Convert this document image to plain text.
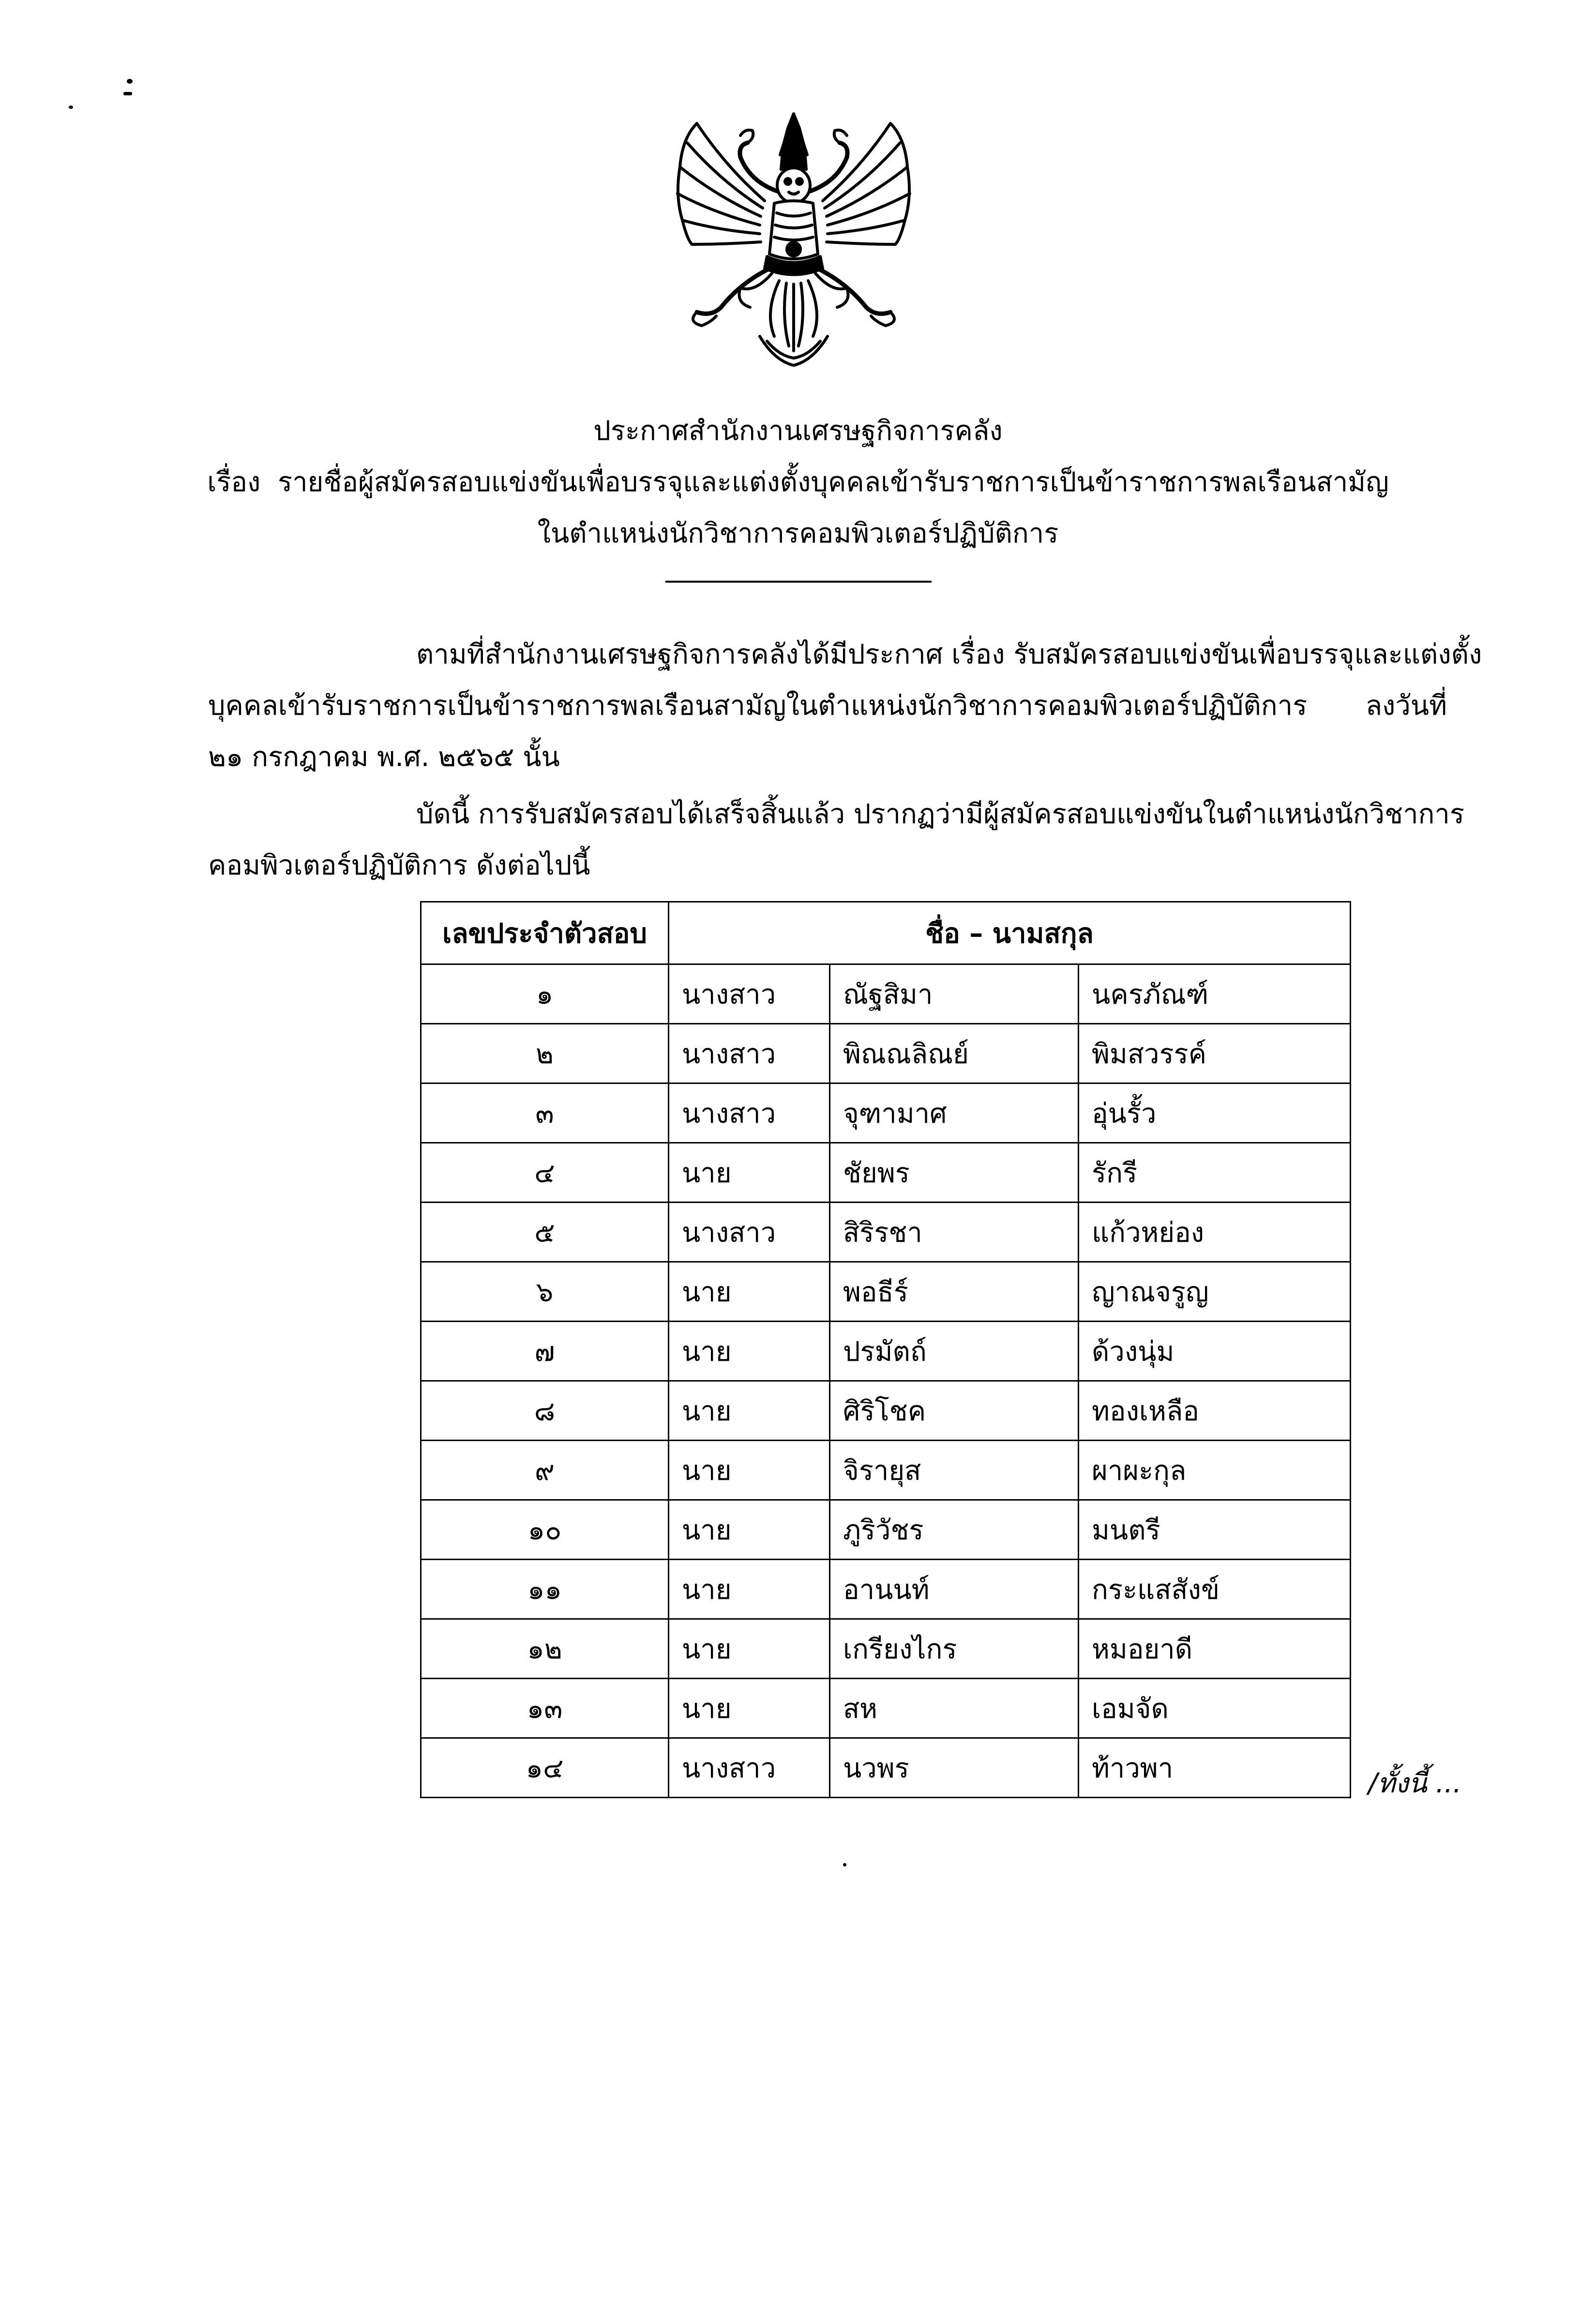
ประกาศสำนักงานเศรษฐกิจการคลัง
เรื่อง รายชื่อผู้สมัครสอบแข่งขันเพื่อบรรจุและแต่งตั้งบุคคลเข้ารับราชการเป็นข้าราชการพลเรือนสามัญ
ในตำแหน่งนักวิชาการคอมพิวเตอร์ปฏิบัติการ
ตามที่สำนักงานเศรษฐกิจการคลังได้มีประกาศ เรื่อง รับสมัครสอบแข่งขันเพื่อบรรจุและแต่งตั้ง
บุคคลเข้ารับราชการเป็นข้าราชการพลเรือนสามัญในตำแหน่งนักวิชาการคอมพิวเตอร์ปฏิบัติการ ลงวันที่
๒๑ กรกฎาคม พ.ศ. ๒๕๖๕ นั้น
บัดนี้ การรับสมัครสอบได้เสร็จสิ้นแล้ว ปรากฏว่ามีผู้สมัครสอบแข่งขันในตำแหน่งนักวิชาการ
คอมพิวเตอร์ปฏิบัติการ ดังต่อไปนี้
เลขประจำตัวสอบ	ชื่อ – นามสกุล		
๑	นางสาว	ณัฐสิมา	นครภัณฑ์
๒	นางสาว	พิณณลิณย์	พิมสวรรค์
๓	นางสาว	จุฑามาศ	อุ่นรั้ว
๔	นาย	ชัยพร	รักรี
๕	นางสาว	สิริรชา	แก้วหย่อง
๖	นาย	พอธีร์	ญาณจรูญ
๗	นาย	ปรมัตถ์	ด้วงนุ่ม
๘	นาย	ศิริโชค	ทองเหลือ
๙	นาย	จิรายุส	ผาผะกุล
๑๐	นาย	ภูริวัชร	มนตรี
๑๑	นาย	อานนท์	กระแสสังข์
๑๒	นาย	เกรียงไกร	หมอยาดี
๑๓	นาย	สห	เอมจัด
๑๔	นางสาว	นวพร	ท้าวพา	/ทั้งนี้ ...
